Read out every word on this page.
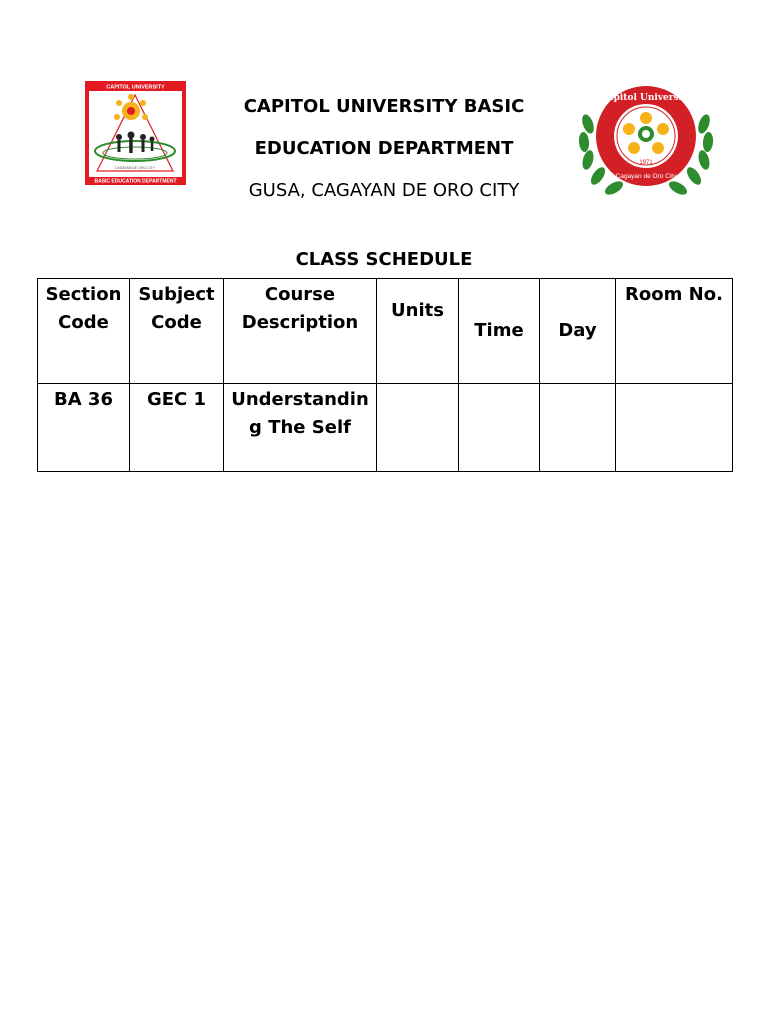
CAPITOL UNIVERSITY
BASIC EDUCATION DEPARTMENT
CAGAYAN DE ORO CITY
Capitol University
Cagayan de Oro City
1971
CAPITOL UNIVERSITY BASIC
EDUCATION DEPARTMENT
GUSA, CAGAYAN DE ORO CITY
CLASS SCHEDULE
Section Code	Subject Code	Course Description	Units	Time	Day	Room No.
BA 36	GEC 1	Understanding The Self				
